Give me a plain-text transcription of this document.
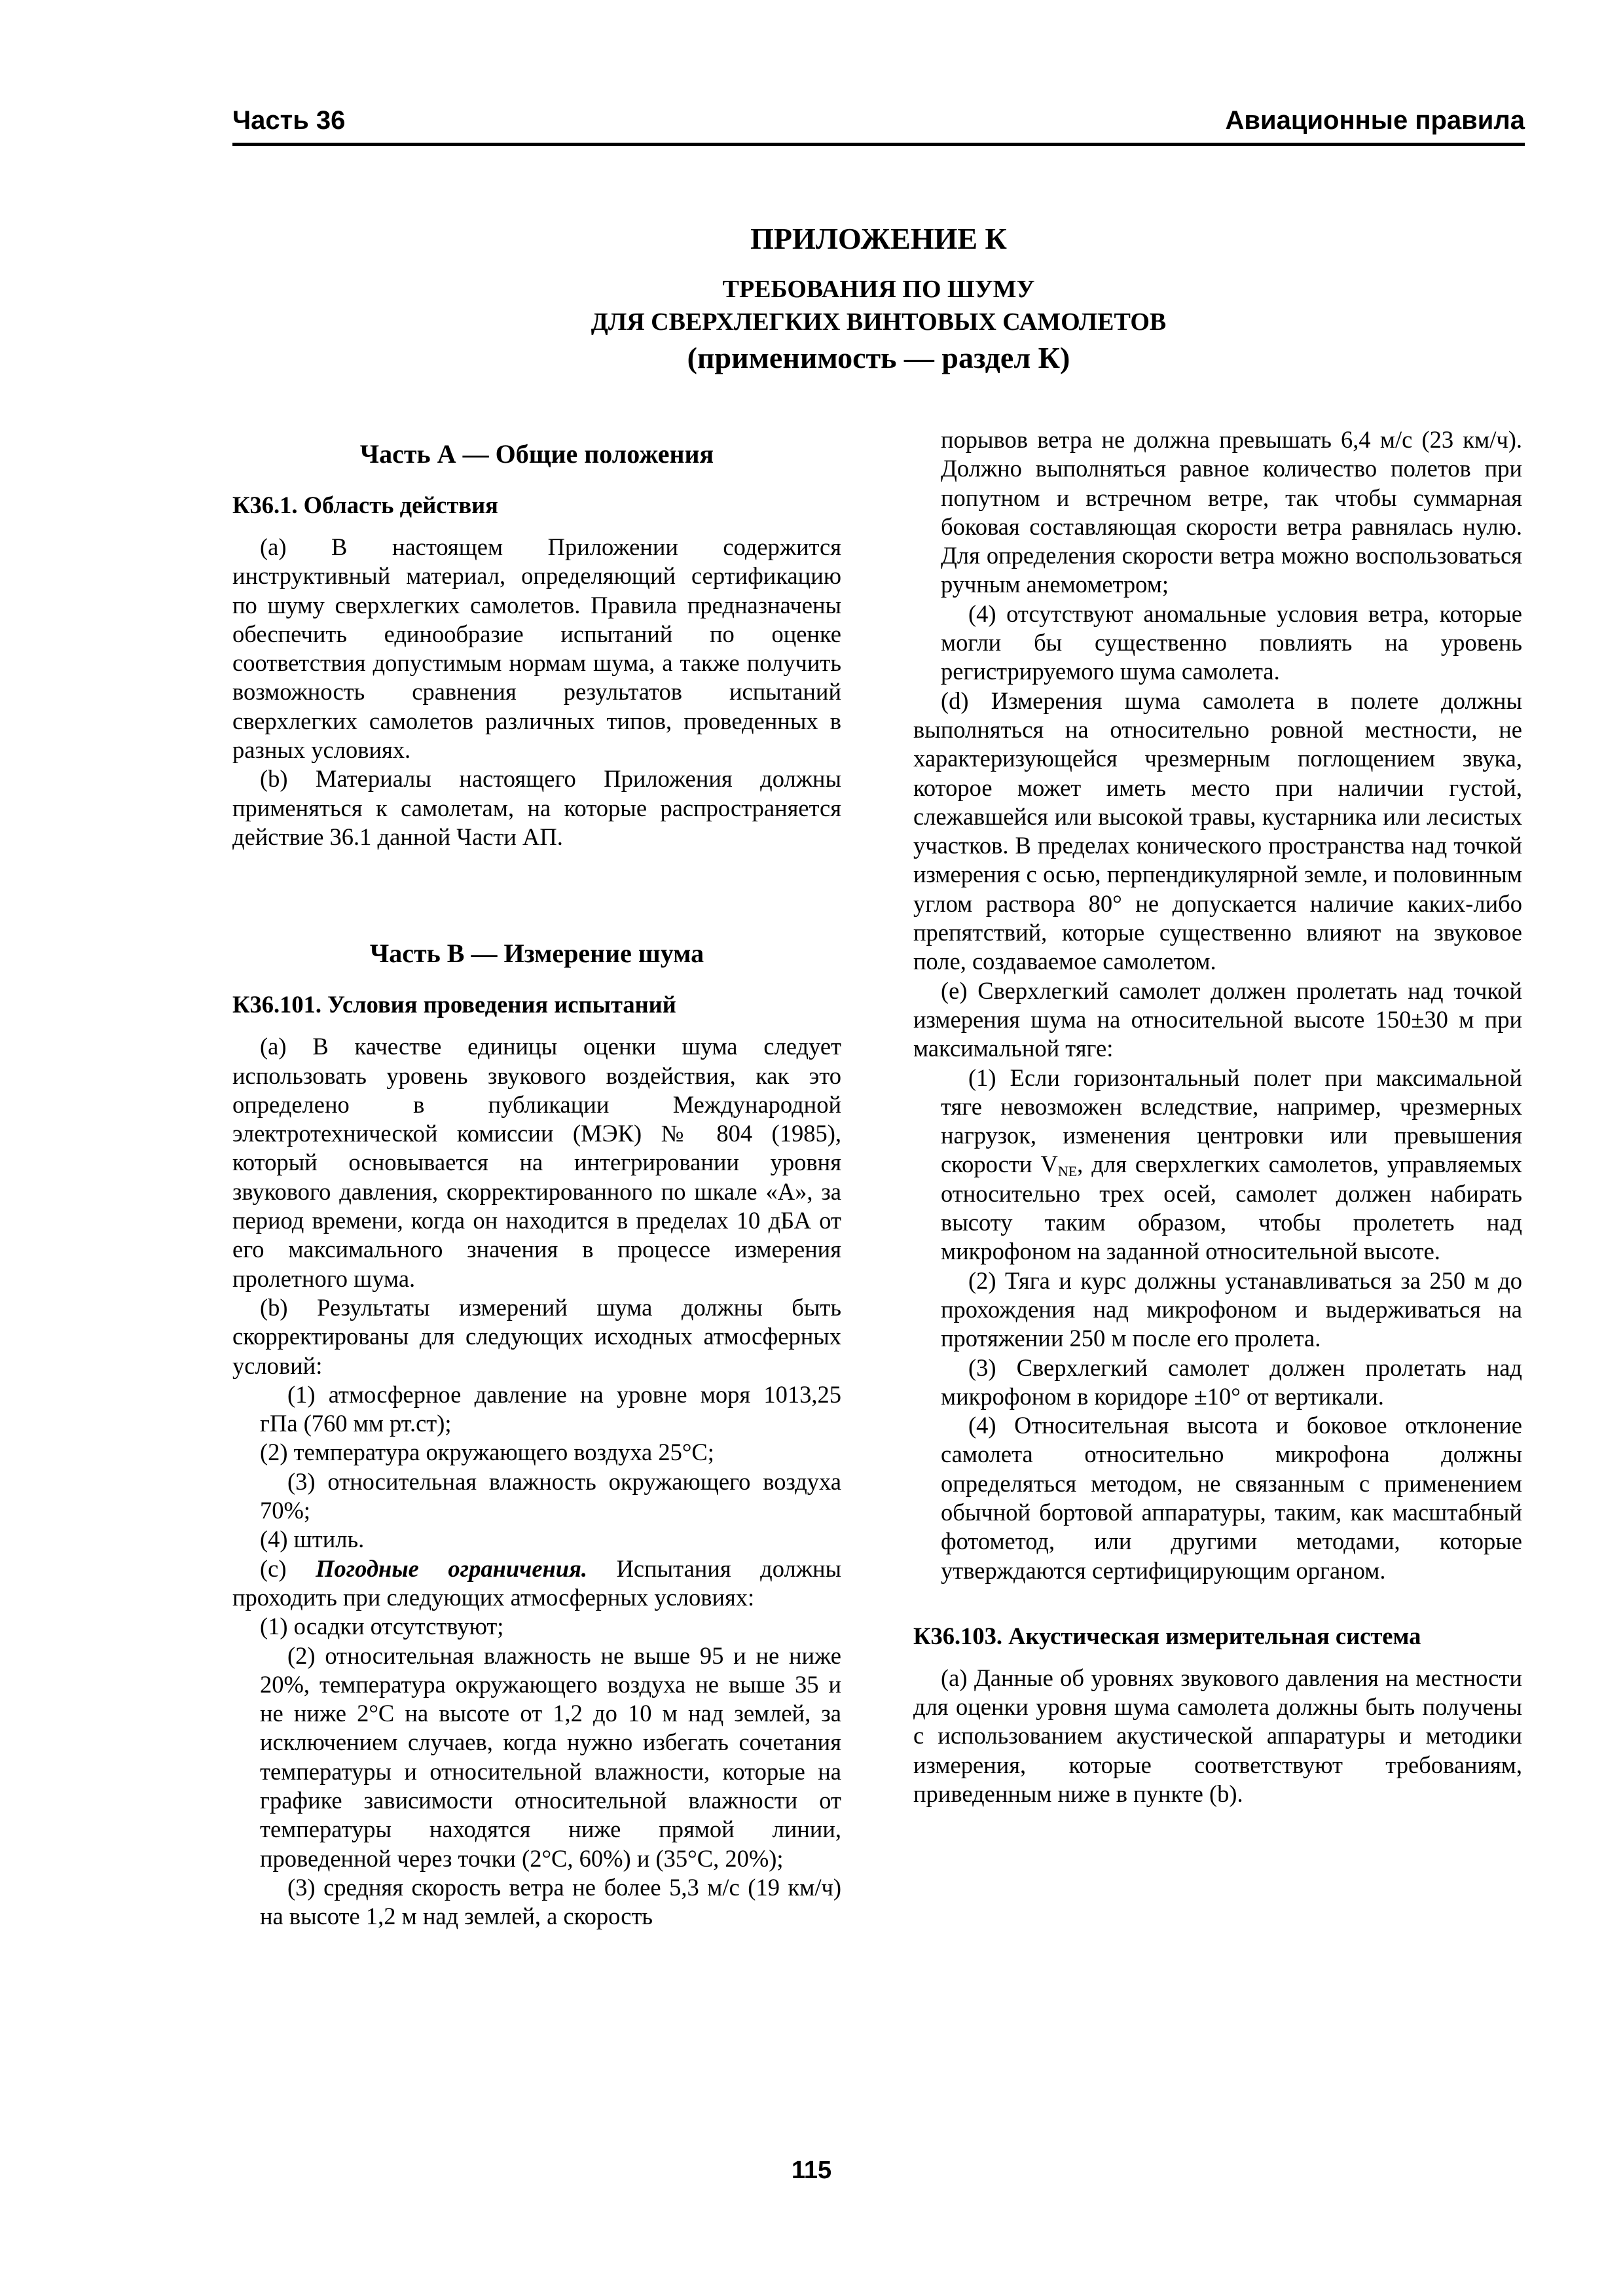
Часть 36	Авиационные правила
ПРИЛОЖЕНИЕ К
ТРЕБОВАНИЯ ПО ШУМУ
ДЛЯ СВЕРХЛЕГКИХ ВИНТОВЫХ САМОЛЕТОВ
(применимость — раздел К)
Часть А — Общие положения
К36.1. Область действия

(a) В настоящем Приложении содержится инструктивный материал, определяющий сертификацию по шуму сверхлегких самолетов. Правила предназначены обеспечить единообразие испытаний по оценке соответствия допустимым нормам шума, а также получить возможность сравнения результатов испытаний сверхлегких самолетов различных типов, проведенных в разных условиях.

(b) Материалы настоящего Приложения должны применяться к самолетам, на которые распространяется действие 36.1 данной Части АП.

Часть В — Измерение шума
К36.101. Условия проведения испытаний

(a) В качестве единицы оценки шума следует использовать уровень звукового воздействия, как это определено в публикации Международной электротехнической комиссии (МЭК) № 804 (1985), который основывается на интегрировании уровня звукового давления, скорректированного по шкале «А», за период времени, когда он находится в пределах 10 дБА от его максимального значения в процессе измерения пролетного шума.

(b) Результаты измерений шума должны быть скорректированы для следующих исходных атмосферных условий:

(1) атмосферное давление на уровне моря 1013,25 гПа (760 мм рт.ст);

(2) температура окружающего воздуха 25°С;

(3) относительная влажность окружающего воздуха 70%;

(4) штиль.

(c) Погодные ограничения. Испытания должны проходить при следующих атмосферных условиях:

(1) осадки отсутствуют;

(2) относительная влажность не выше 95 и не ниже 20%, температура окружающего воздуха не выше 35 и не ниже 2°С на высоте от 1,2 до 10 м над землей, за исключением случаев, когда нужно избегать сочетания температуры и относительной влажности, которые на графике зависимости относительной влажности от температуры находятся ниже прямой линии, проведенной через точки (2°С, 60%) и (35°С, 20%);

(3) средняя скорость ветра не более 5,3 м/с (19 км/ч) на высоте 1,2 м над землей, а скорость

порывов ветра не должна превышать 6,4 м/с (23 км/ч). Должно выполняться равное количество полетов при попутном и встречном ветре, так чтобы суммарная боковая составляющая скорости ветра равнялась нулю. Для определения скорости ветра можно воспользоваться ручным анемометром;

(4) отсутствуют аномальные условия ветра, которые могли бы существенно повлиять на уровень регистрируемого шума самолета.

(d) Измерения шума самолета в полете должны выполняться на относительно ровной местности, не характеризующейся чрезмерным поглощением звука, которое может иметь место при наличии густой, слежавшейся или высокой травы, кустарника или лесистых участков. В пределах конического пространства над точкой измерения с осью, перпендикулярной земле, и половинным углом раствора 80° не допускается наличие каких-либо препятствий, которые существенно влияют на звуковое поле, создаваемое самолетом.

(e) Сверхлегкий самолет должен пролетать над точкой измерения шума на относительной высоте 150±30 м при максимальной тяге:

(1) Если горизонтальный полет при максимальной тяге невозможен вследствие, например, чрезмерных нагрузок, изменения центровки или превышения скорости $V_{NE}$, для сверхлегких самолетов, управляемых относительно трех осей, самолет должен набирать высоту таким образом, чтобы пролететь над микрофоном на заданной относительной высоте.

(2) Тяга и курс должны устанавливаться за 250 м до прохождения над микрофоном и выдерживаться на протяжении 250 м после его пролета.

(3) Сверхлегкий самолет должен пролетать над микрофоном в коридоре ±10° от вертикали.

(4) Относительная высота и боковое отклонение самолета относительно микрофона должны определяться методом, не связанным с применением обычной бортовой аппаратуры, таким, как масштабный фотометод, или другими методами, которые утверждаются сертифицирующим органом.

К36.103. Акустическая измерительная система

(a) Данные об уровнях звукового давления на местности для оценки уровня шума самолета должны быть получены с использованием акустической аппаратуры и методики измерения, которые соответствуют требованиям, приведенным ниже в пункте (b).

115
